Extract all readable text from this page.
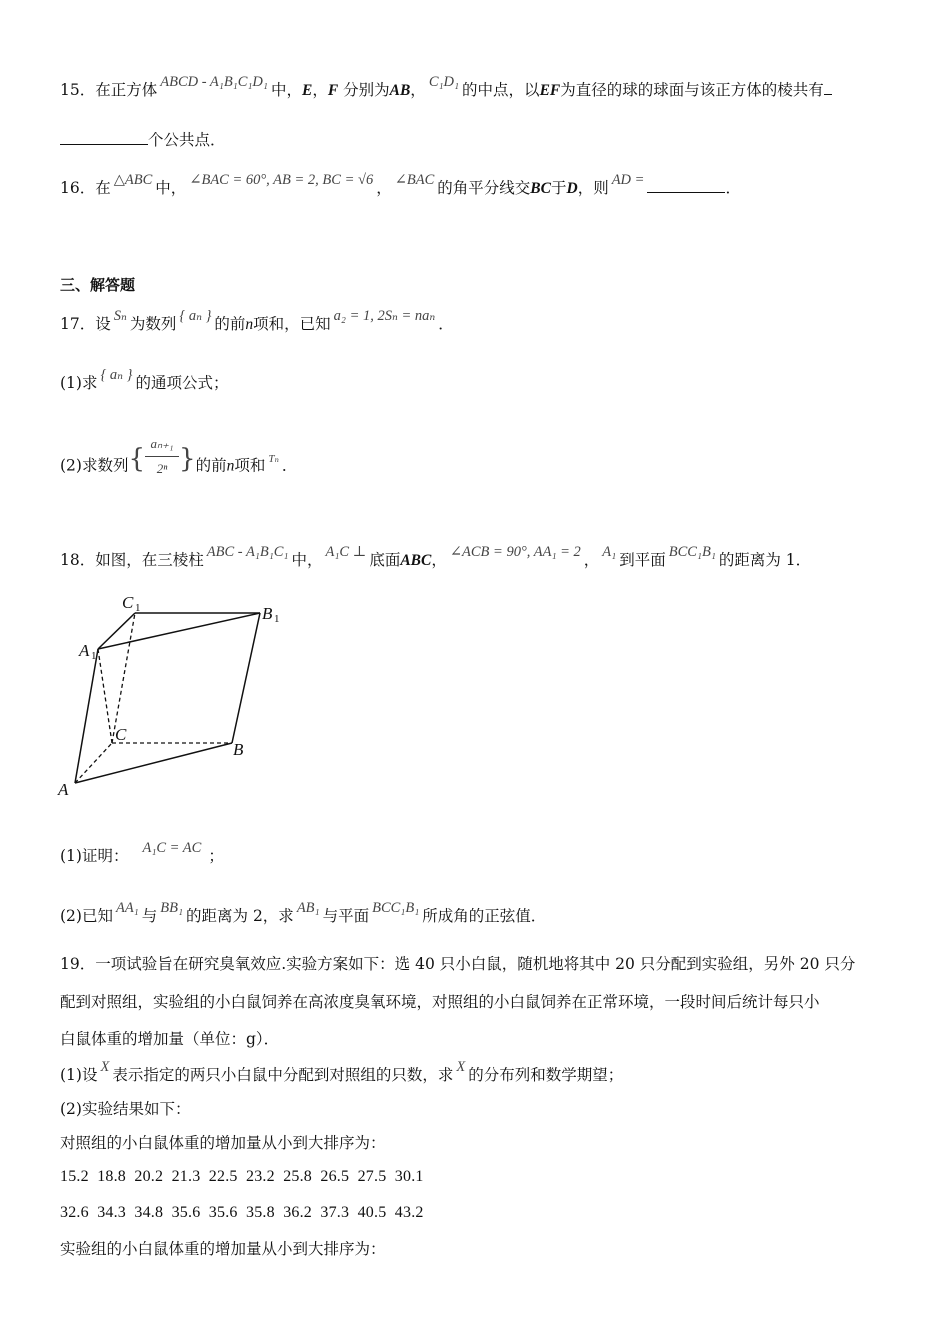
15．在正方体 ABCD - A₁B₁C₁D₁ 中，E，F 分别为AB， C₁D₁ 的中点，以EF为直径的球的球面与该正方体的棱共有
个公共点．
16．在 △ABC 中， ∠BAC = 60°, AB = 2, BC = √6 ， ∠BAC 的角平分线交BC于D，则 AD =	．
三、解答题
17．设 Sₙ 为数列 { aₙ } 的前n项和，已知 a₂ = 1, 2Sₙ = naₙ ．
(1)求 { aₙ } 的通项公式；
(2)求数列{ $\frac{\text{aₙ₊₁}}{\text{2ⁿ}}$ }的前n项和 $^{T_n}$ ．
18．如图，在三棱柱 ABC - A₁B₁C₁ 中， A₁C ⊥ 底面ABC， ∠ACB = 90°, AA₁ = 2 ， A₁ 到平面 BCC₁B₁ 的距离为 1．
A
B
C
A 1
B 1
C 1
(1)证明： A₁C = AC ；
(2)已知 AA₁ 与 BB₁ 的距离为 2，求 AB₁ 与平面 BCC₁B₁ 所成角的正弦值．
19．一项试验旨在研究臭氧效应.实验方案如下：选 40 只小白鼠，随机地将其中 20 只分配到实验组，另外 20 只分
配到对照组，实验组的小白鼠饲养在高浓度臭氧环境，对照组的小白鼠饲养在正常环境，一段时间后统计每只小
白鼠体重的增加量（单位：g）．
(1)设 X 表示指定的两只小白鼠中分配到对照组的只数，求 X 的分布列和数学期望；
(2)实验结果如下：
对照组的小白鼠体重的增加量从小到大排序为：
15.2  18.8  20.2  21.3  22.5  23.2  25.8  26.5  27.5  30.1
32.6  34.3  34.8  35.6  35.6  35.8  36.2  37.3  40.5  43.2
实验组的小白鼠体重的增加量从小到大排序为：
